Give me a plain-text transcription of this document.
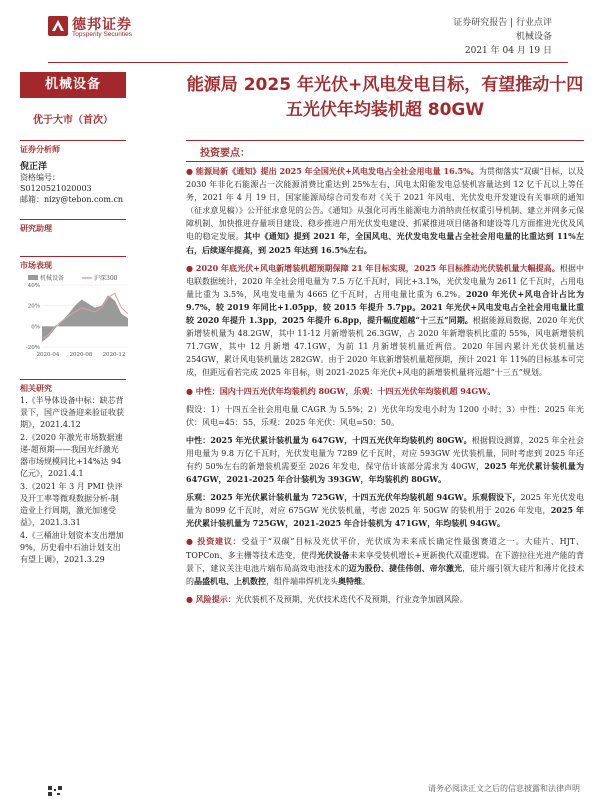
德邦证券
Topsperity Securities
证券研究报告 | 行业点评
机械设备
2021 年 04 月 19 日
机械设备
优于大市（首次）
证券分析师
倪正洋
资格编号：S0120521020003
邮箱：nizy@tebon.com.cn
研究助理
市场表现
机械设备	沪深300
40%
20%
0%
-20%
2020-04 2020-08 2020-12
相关研究
1.《半导体设备中标：缺芯背景下，国产设备迎来验证收获期》，2021.4.12
2.《2020 年激光市场数据速递-超预期——我国光纤激光器市场规模同比+14%达 94 亿元》，2021.4.1
3.《2021 年 3 月 PMI 快评及开工率等微观数据分析-制造业上行周期，激光加速受益》，2021.3.31
4.《三桶油计划资本支出增加 9%，历史看中石油计划支出有望上调》，2021.3.29
能源局 2025 年光伏+风电发电目标，有望推动十四五光伏年均装机超 80GW
投资要点：

● 能源局新《通知》提出 2025 年全国光伏+风电发电占全社会用电量 16.5%。为贯彻落实“双碳”目标，以及 2030 年非化石能源占一次能源消费比重达到 25%左右、风电太阳能发电总装机容量达到 12 亿千瓦以上等任务，2021 年 4 月 19 日，国家能源局综合司发布对《关于 2021 年风电、光伏发电开发建设有关事项的通知（征求意见稿）》公开征求意见的公告。《通知》从强化可再生能源电力消纳责任权重引导机制、建立并网多元保障机制、加快推进存量项目建设、稳步推进户用光伏发电建设、抓紧推进项目储备和建设等几方面推进光伏及风电的稳定发展。其中《通知》提到 2021 年，全国风电、光伏发电发电量占全社会用电量的比重达到 11%左右，后续逐年提高，到 2025 年达到 16.5%左右。

● 2020 年底光伏+风电新增装机超预期保障 21 年目标实现，2025 年目标推动光伏装机量大幅提高。根据中电联数据统计，2020 年全社会用电量为 7.5 万亿千瓦时，同比+3.1%，光伏发电量为 2611 亿千瓦时，占用电量比重为 3.5%，风电发电量为 4665 亿千瓦时，占用电量比重为 6.2%。2020 年光伏+风电合计占比为 9.7%，较 2019 年同比+1.05pp，较 2015 年提升 5.7pp。2021 年光伏+风电发电占全社会用电量比重较 2020 年提升 1.3pp，2025 年提升 6.8pp，提升幅度超越“十三五”同期。根据能源局数据，2020 年光伏新增装机量为 48.2GW，其中 11-12 月新增装机 26.3GW，占 2020 年新增装机比重的 55%，风电新增装机 71.7GW，其中 12 月新增 47.1GW，为前 11 月新增装机量近两倍。2020 年国内累计光伏装机量达 254GW，累计风电装机量达 282GW。由于 2020 年底新增装机量超预期，预计 2021 年 11%的目标基本可完成，但距远看若完成 2025 年目标，则 2021-2025 年光伏+风电的新增装机量将远超“十三五”规划。

● 中性：国内十四五光伏年均装机约 80GW，乐观：十四五光伏年均装机超 94GW。

假设：1）十四五全社会用电量 CAGR 为 5.5%；2）光伏年均发电小时为 1200 小时；3）中性：2025 年光伏：风电=45：55，乐观：2025 年光伏：风电=50：50。

中性：2025 年光伏累计装机量为 647GW，十四五光伏年均装机约 80GW。根据假设测算，2025 年全社会用电量为 9.8 万亿千瓦时，光伏发电量为 7289 亿千瓦时，对应 593GW 光伏装机量，同时考虑到 2025 年还有约 50%左右的新增装机需要至 2026 年发电，保守估计该部分需求为 40GW，2025 年光伏累计装机量为 647GW，2021-2025 年合计装机为 393GW，年均装机约 80GW。

乐观：2025 年光伏累计装机量为 725GW，十四五光伏年均装机超 94GW。乐观假设下，2025 年光伏发电量为 8099 亿千瓦时，对应 675GW 光伏装机量，考虑 2025 年 50GW 的装机用于 2026 年发电，2025 年光伏累计装机量为 725GW，2021-2025 年合计装机为 471GW，年均装机 94GW。

● 投资建议：受益于“双碳”目标及光伏平价，光伏成为未来成长确定性最强赛道之一。大硅片、HJT、TOPCon、多主栅等技术迭变，使得光伏设备未来享受装机增长+更新换代双重逻辑。在下游拉往光进产能的背景下，建议关注电池片端布局高效电池技术的迈为股份、捷佳伟创、帝尔激光，硅片端引领大硅片和薄片化技术的晶盛机电、上机数控，组件端串焊机龙头奥特维。

● 风险提示：光伏装机不及预期，光伏技术迭代不及预期，行业竞争加剧风险。

请务必阅读正文之后的信息披露和法律声明
